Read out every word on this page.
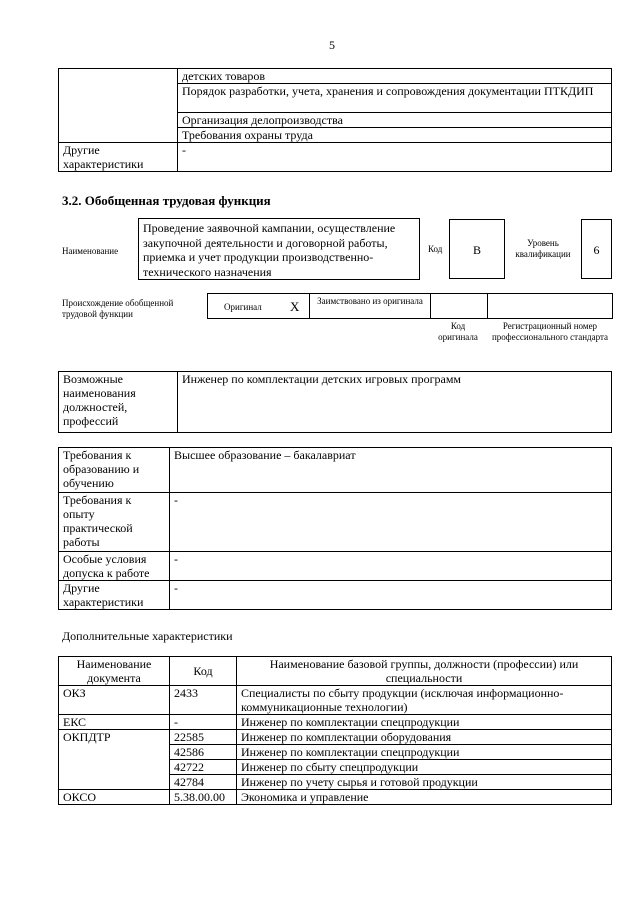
5
	детских товаров
	Порядок разработки, учета, хранения и сопровождения документации ПТКДИП
	Организация делопроизводства
	Требования охраны труда
Другие характеристики	-
3.2. Обобщенная трудовая функция
Наименование
Проведение заявочной кампании, осуществление закупочной деятельности и договорной работы, приемка и учет продукции производственно-технического назначения
Код	B	Уровень квалификации	6
Происхождение обобщенной трудовой функции
Оригинал X	Заимствовано из оригинала
Код оригинала
Регистрационный номер профессионального стандарта
Возможные наименования должностей, профессий	Инженер по комплектации детских игровых программ
Требования к образованию и обучению	Высшее образование – бакалавриат
Требования к опыту практической работы	-
Особые условия допуска к работе	-
Другие характеристики	-
Дополнительные характеристики
Наименование документа	Код	Наименование базовой группы, должности (профессии) или специальности
ОКЗ	2433	Специалисты по сбыту продукции (исключая информационно-коммуникационные технологии)
ЕКС	-	Инженер по комплектации спецпродукции
ОКПДТР	22585	Инженер по комплектации оборудования
	42586	Инженер по комплектации спецпродукции
	42722	Инженер по сбыту спецпродукции
	42784	Инженер по учету сырья и готовой продукции
ОКСО	5.38.00.00	Экономика и управление
